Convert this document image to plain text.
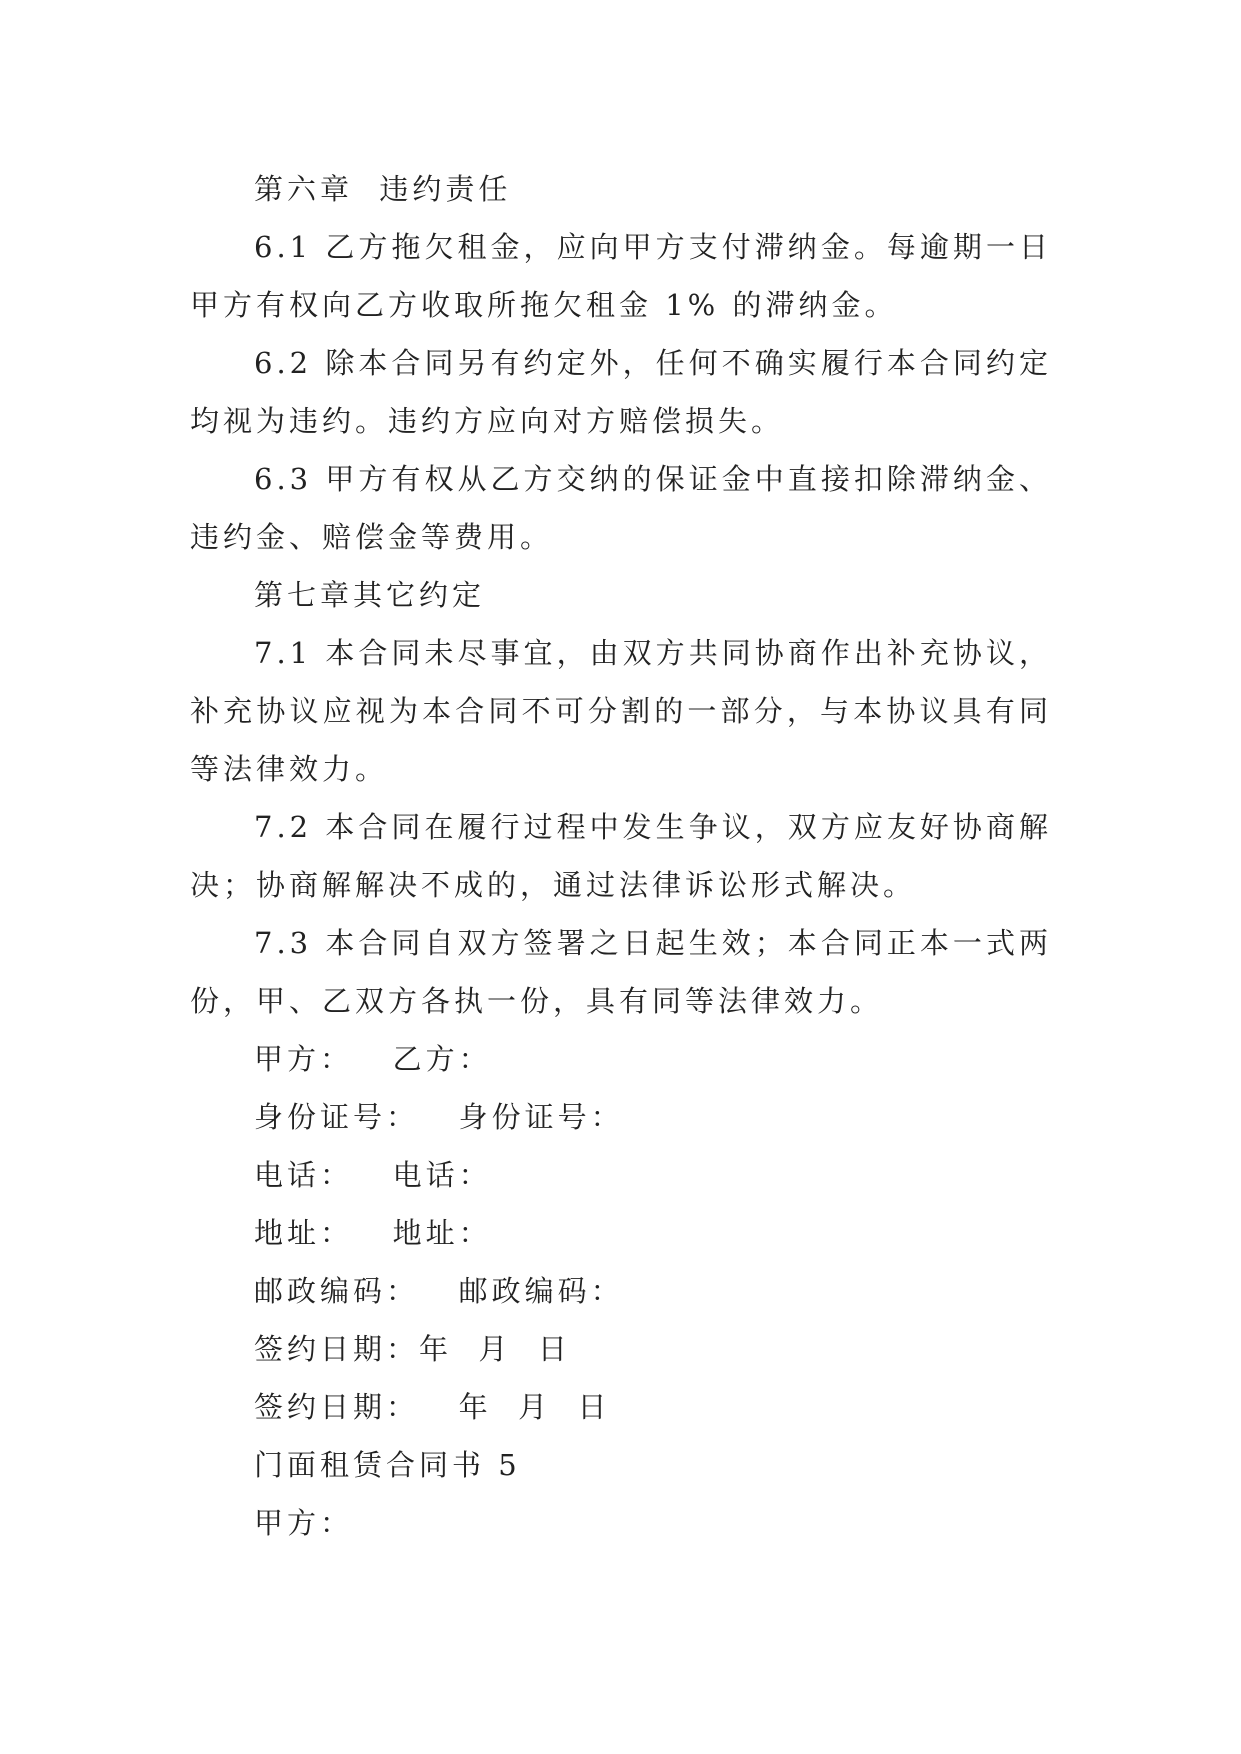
第六章  违约责任

6.1 乙方拖欠租金，应向甲方支付滞纳金。每逾期一日甲方有权向乙方收取所拖欠租金 1% 的滞纳金。

6.2 除本合同另有约定外，任何不确实履行本合同约定均视为违约。违约方应向对方赔偿损失。

6.3 甲方有权从乙方交纳的保证金中直接扣除滞纳金、违约金、赔偿金等费用。

第七章其它约定

7.1 本合同未尽事宜，由双方共同协商作出补充协议，补充协议应视为本合同不可分割的一部分，与本协议具有同等法律效力。

7.2 本合同在履行过程中发生争议，双方应友好协商解决；协商解解决不成的，通过法律诉讼形式解决。

7.3 本合同自双方签署之日起生效；本合同正本一式两份，甲、乙双方各执一份，具有同等法律效力。

甲方：   乙方：

身份证号：   身份证号：

电话：   电话：

地址：   地址：

邮政编码：   邮政编码：

签约日期：年  月  日

签约日期：   年  月  日

门面租赁合同书 5

甲方：
